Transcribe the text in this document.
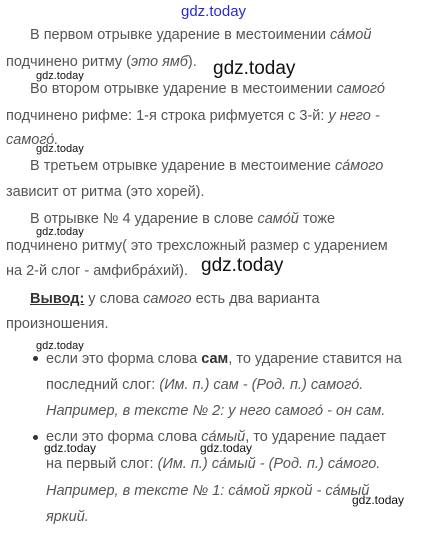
gdz.today
В первом отрывке ударение в местоимении са́мой
подчинено ритму (это ямб). gdz.today
gdz.today
Во втором отрывке ударение в местоимении самого́
подчинено рифме: 1-я строка рифмуется с 3-й: у него -
самого́.
gdz.today
В третьем отрывке ударение в местоимение са́мого
зависит от ритма (это хорей).
В отрывке № 4 ударение в слове само́й тоже
gdz.today
подчинено ритму( это трехсложный размер с ударением
на 2-й слог - амфибра́хий). gdz.today
Вывод: у слова самого есть два варианта
произношения.
gdz.today
если это форма слова сам, то ударение ставится на
последний слог: (Им. п.) сам - (Род. п.) самого́.
Например, в тексте № 2: у него самого́ - он сам.
если это форма слова са́мый, то ударение падает
gdz.today	gdz.today
на первый слог: (Им. п.) са́мый - (Род. п.) са́мого.
Например, в тексте № 1: са́мой яркой - са́мый
gdz.today
яркий.
